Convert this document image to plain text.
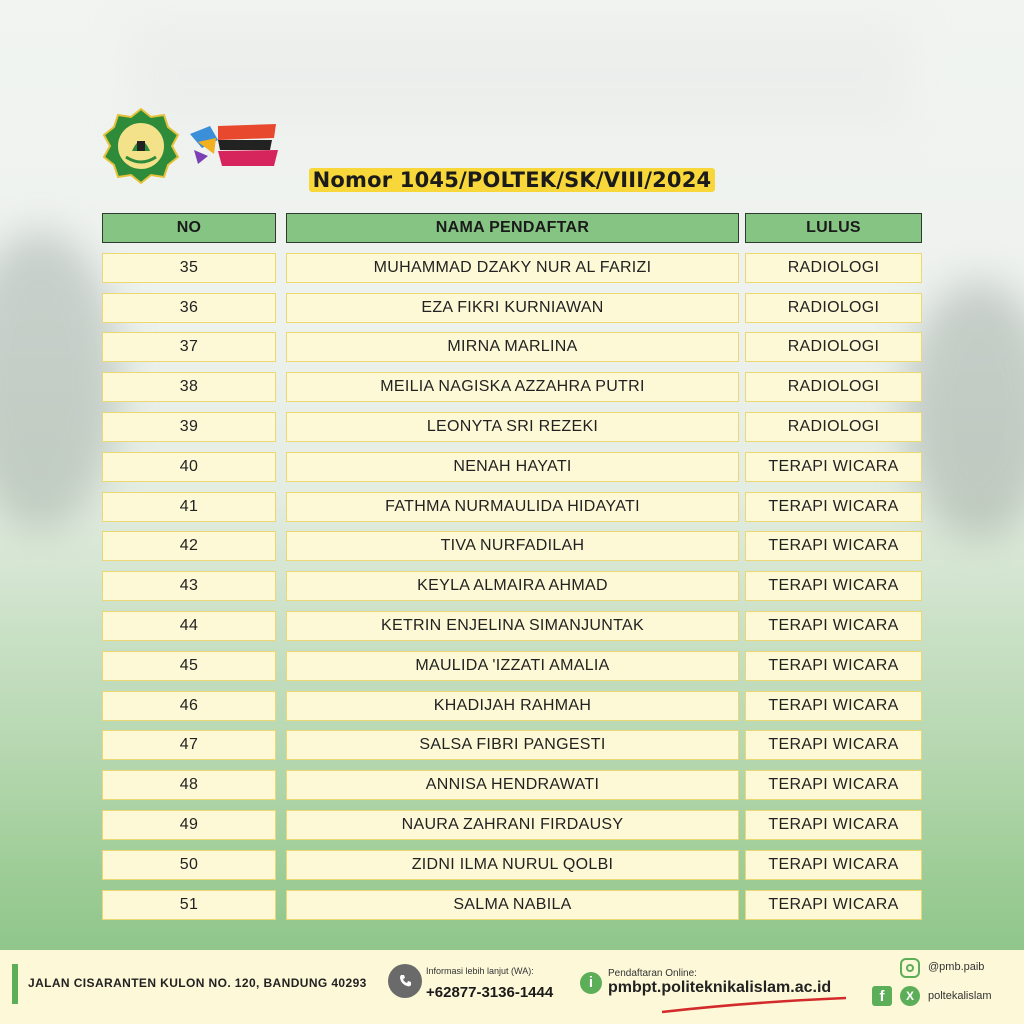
Nomor 1045/POLTEK/SK/VIII/2024
NO	NAMA PENDAFTAR	LULUS
35	MUHAMMAD DZAKY NUR AL FARIZI	RADIOLOGI
36	EZA FIKRI KURNIAWAN	RADIOLOGI
37	MIRNA MARLINA	RADIOLOGI
38	MEILIA NAGISKA AZZAHRA PUTRI	RADIOLOGI
39	LEONYTA SRI REZEKI	RADIOLOGI
40	NENAH HAYATI	TERAPI WICARA
41	FATHMA NURMAULIDA HIDAYATI	TERAPI WICARA
42	TIVA NURFADILAH	TERAPI WICARA
43	KEYLA ALMAIRA AHMAD	TERAPI WICARA
44	KETRIN ENJELINA SIMANJUNTAK	TERAPI WICARA
45	MAULIDA 'IZZATI AMALIA	TERAPI WICARA
46	KHADIJAH RAHMAH	TERAPI WICARA
47	SALSA FIBRI PANGESTI	TERAPI WICARA
48	ANNISA HENDRAWATI	TERAPI WICARA
49	NAURA ZAHRANI FIRDAUSY	TERAPI WICARA
50	ZIDNI ILMA NURUL QOLBI	TERAPI WICARA
51	SALMA NABILA	TERAPI WICARA
JALAN CISARANTEN KULON NO. 120, BANDUNG 40293
Informasi lebih lanjut (WA):
+62877-3136-1444
i
Pendaftaran Online:
pmbpt.politeknikalislam.ac.id
@pmb.paib
f	X	poltekalislam
